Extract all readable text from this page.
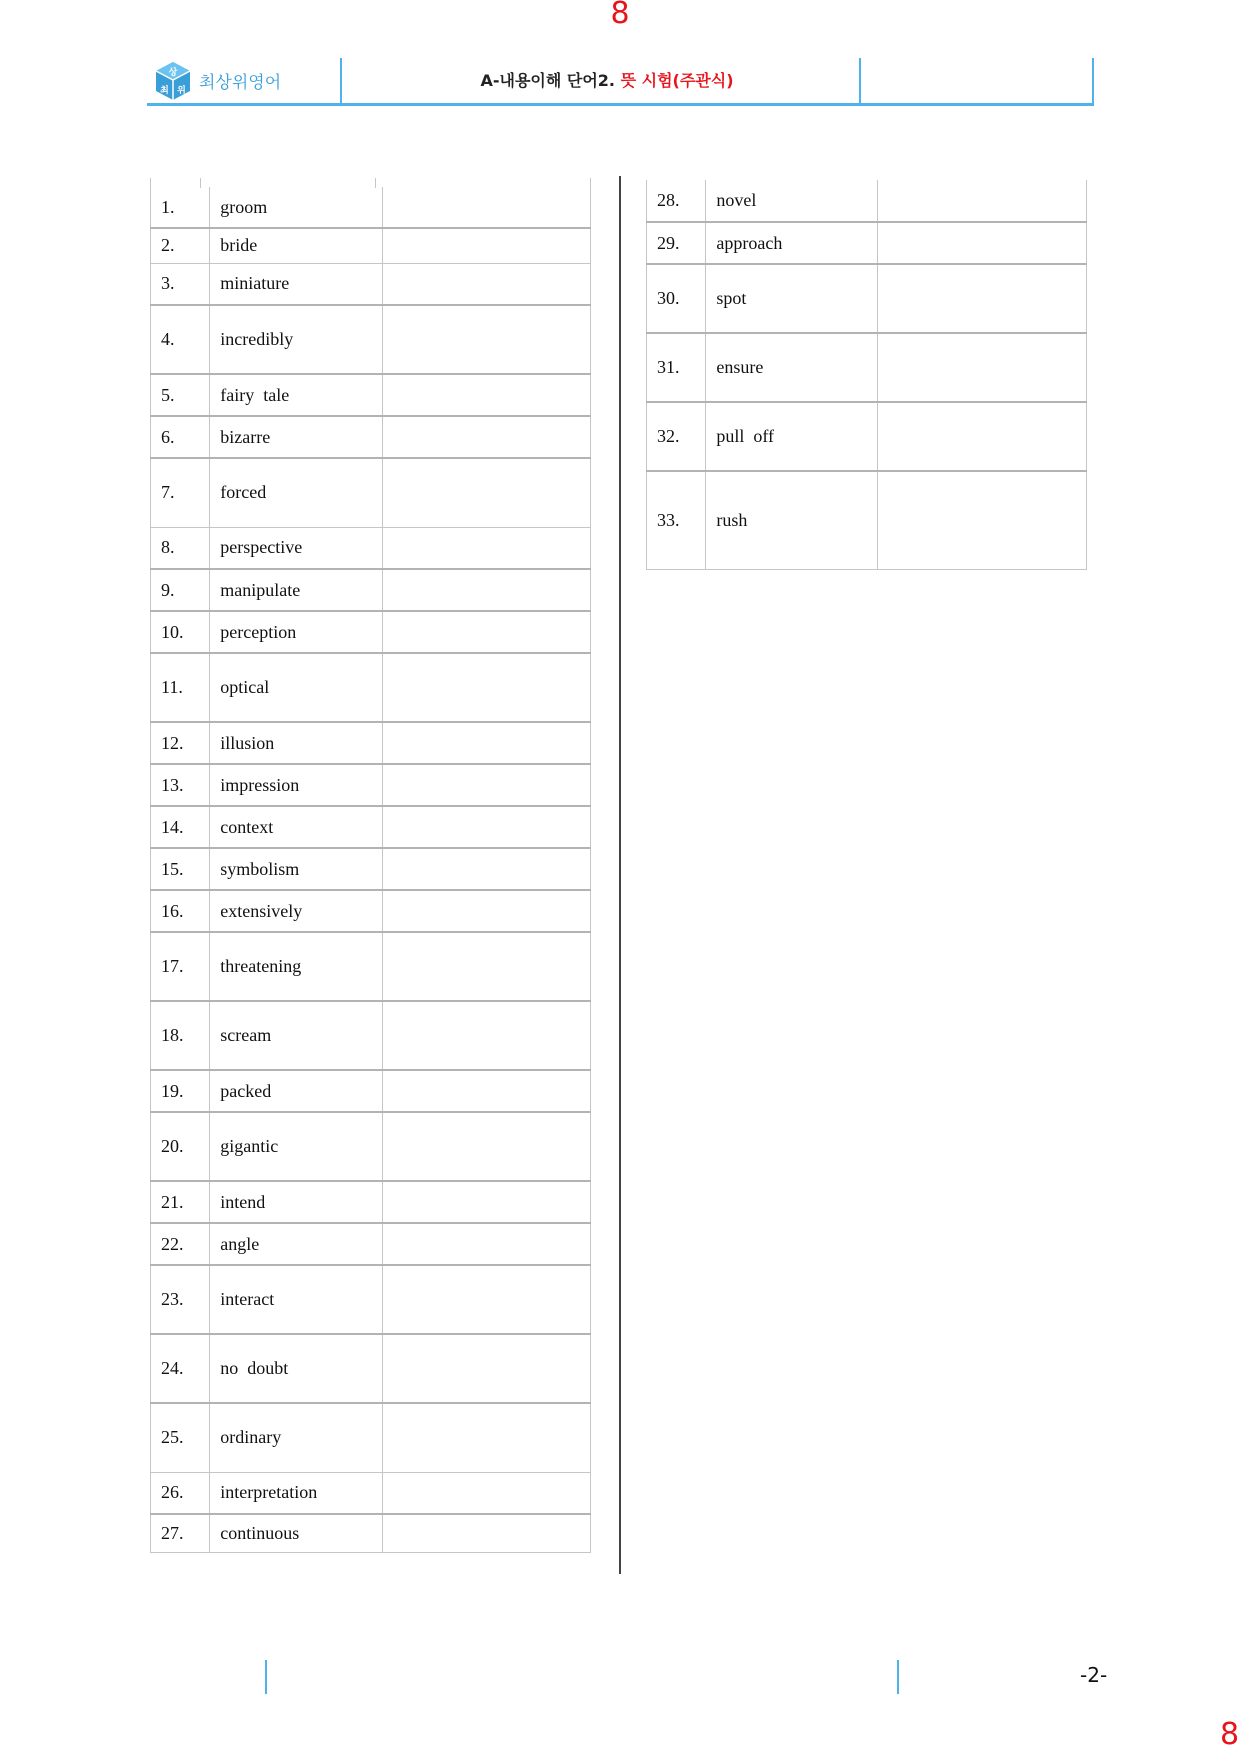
8
상
최 위 최상위영어	A-내용이해 단어2. 뜻 시험(주관식)
1.	groom	
2.	bride	
3.	miniature	
4.	incredibly	
5.	fairy  tale	
6.	bizarre	
7.	forced	
8.	perspective	
9.	manipulate	
10.	perception	
11.	optical	
12.	illusion	
13.	impression	
14.	context	
15.	symbolism	
16.	extensively	
17.	threatening	
18.	scream	
19.	packed	
20.	gigantic	
21.	intend	
22.	angle	
23.	interact	
24.	no  doubt	
25.	ordinary	
26.	interpretation	
27.	continuous	
28.	novel	
29.	approach	
30.	spot	
31.	ensure	
32.	pull  off	
33.	rush	
-2-
8
